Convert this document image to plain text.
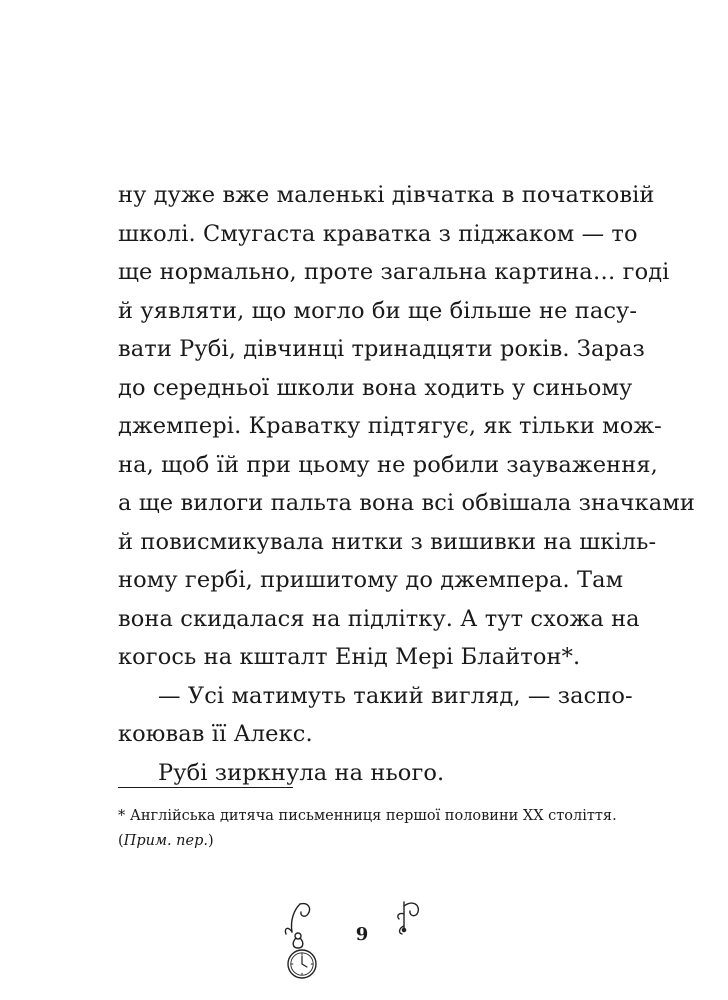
ну дуже вже маленькі дівчатка в початковій
школі. Смугаста краватка з піджаком — то
ще нормально, проте загальна картина… годі
й уявляти, що могло би ще більше не пасу-
вати Рубі, дівчинці тринадцяти років. Зараз
до середньої школи вона ходить у синьому
джемпері. Краватку підтягує, як тільки мож-
на, щоб їй при цьому не робили зауваження,
а ще вилоги пальта вона всі обвішала значками
й повисмикувала нитки з вишивки на шкіль-
ному гербі, пришитому до джемпера. Там
вона скидалася на підлітку. А тут схожа на
когось на кшталт Енід Мері Блайтон*.
— Усі матимуть такий вигляд, — заспо-
коював її Алекс.
Рубі зиркнула на нього.
* Англійська дитяча письменниця першої половини XX століття.
(Прим. пер.)
9
